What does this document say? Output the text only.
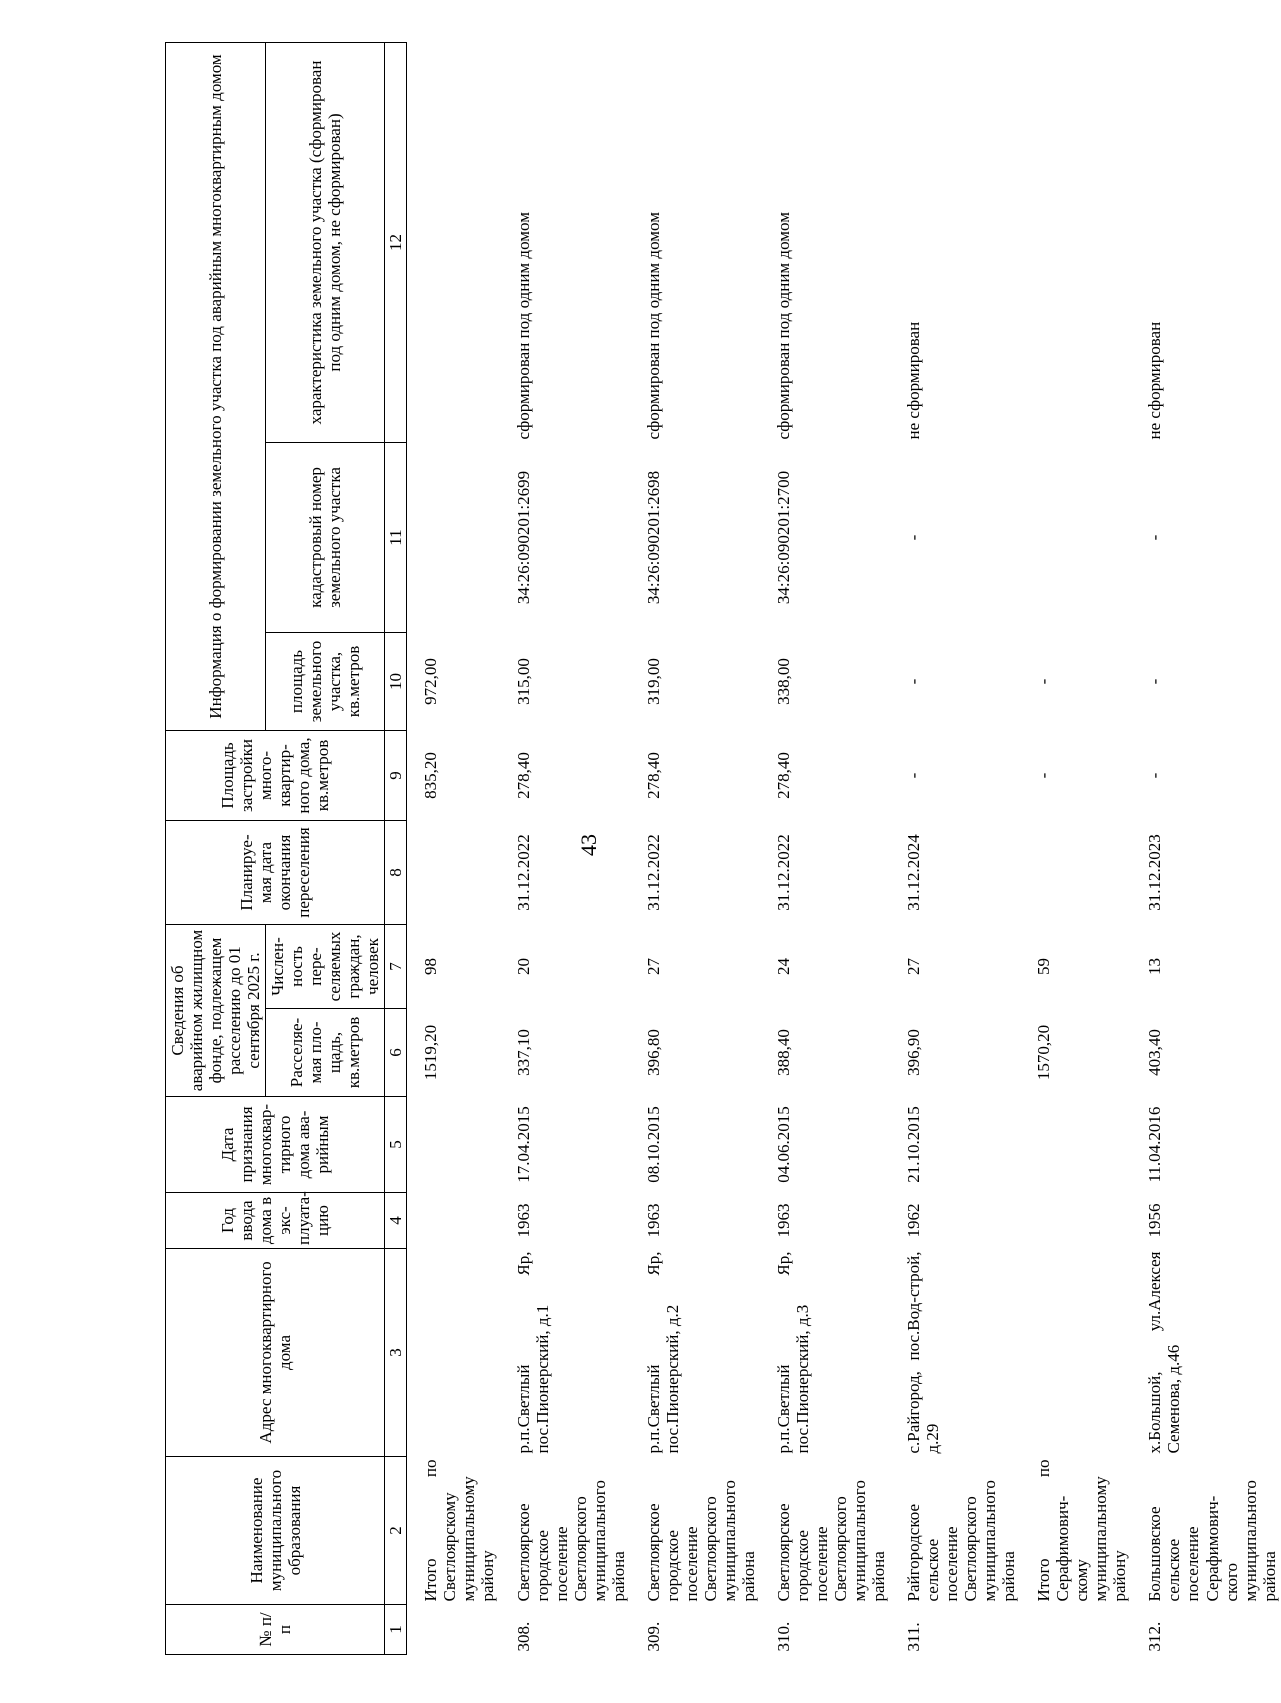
43
№ п/п	Наименование муниципального образования	Адрес многоквартирного дома	Год ввода дома в экс-плуата-цию	Дата признания многоквар-тирного дома ава-рийным	Сведения об аварийном жилищном фонде, подлежащем расселению до 01 сентября 2025 г.		Планируе-мая дата окончания переселения	Площадь застройки много-квартир-ного дома, кв.метров	Информация о формировании земельного участка под аварийным многоквартирным домом		
					Расселяе-мая пло-щадь, кв.метров	Числен-ность пере-селяемых граждан, человек			площадь земельного участка, кв.метров	кадастровый номер земельного участка	характеристика земельного участка (сформирован под одним домом, не сформирован)
1	2	3	4	5	6	7	8	9	10	11	12
	Итого по Светлоярскому муниципальному району				1519,20	98		835,20	972,00		
308.	Светлоярское городское поселение Светлоярского муниципального района	р.п.Светлый Яр, пос.Пионерский, д.1	1963	17.04.2015	337,10	20	31.12.2022	278,40	315,00	34:26:090201:2699	сформирован под одним домом
309.	Светлоярское городское поселение Светлоярского муниципального района	р.п.Светлый Яр, пос.Пионерский, д.2	1963	08.10.2015	396,80	27	31.12.2022	278,40	319,00	34:26:090201:2698	сформирован под одним домом
310.	Светлоярское городское поселение Светлоярского муниципального района	р.п.Светлый Яр, пос.Пионерский, д.3	1963	04.06.2015	388,40	24	31.12.2022	278,40	338,00	34:26:090201:2700	сформирован под одним домом
311.	Райгородское сельское поселение Светлоярского муниципального района	с.Райгород, пос.Вод-строй, д.29	1962	21.10.2015	396,90	27	31.12.2024	-	-	-	не сформирован
	Итого по Серафимович-скому муниципальному району				1570,20	59		-	-		
312.	Большовское сельское поселение Серафимович-ского муниципального района	х.Большой, ул.Алексея Семенова, д.46	1956	11.04.2016	403,40	13	31.12.2023	-	-	-	не сформирован
